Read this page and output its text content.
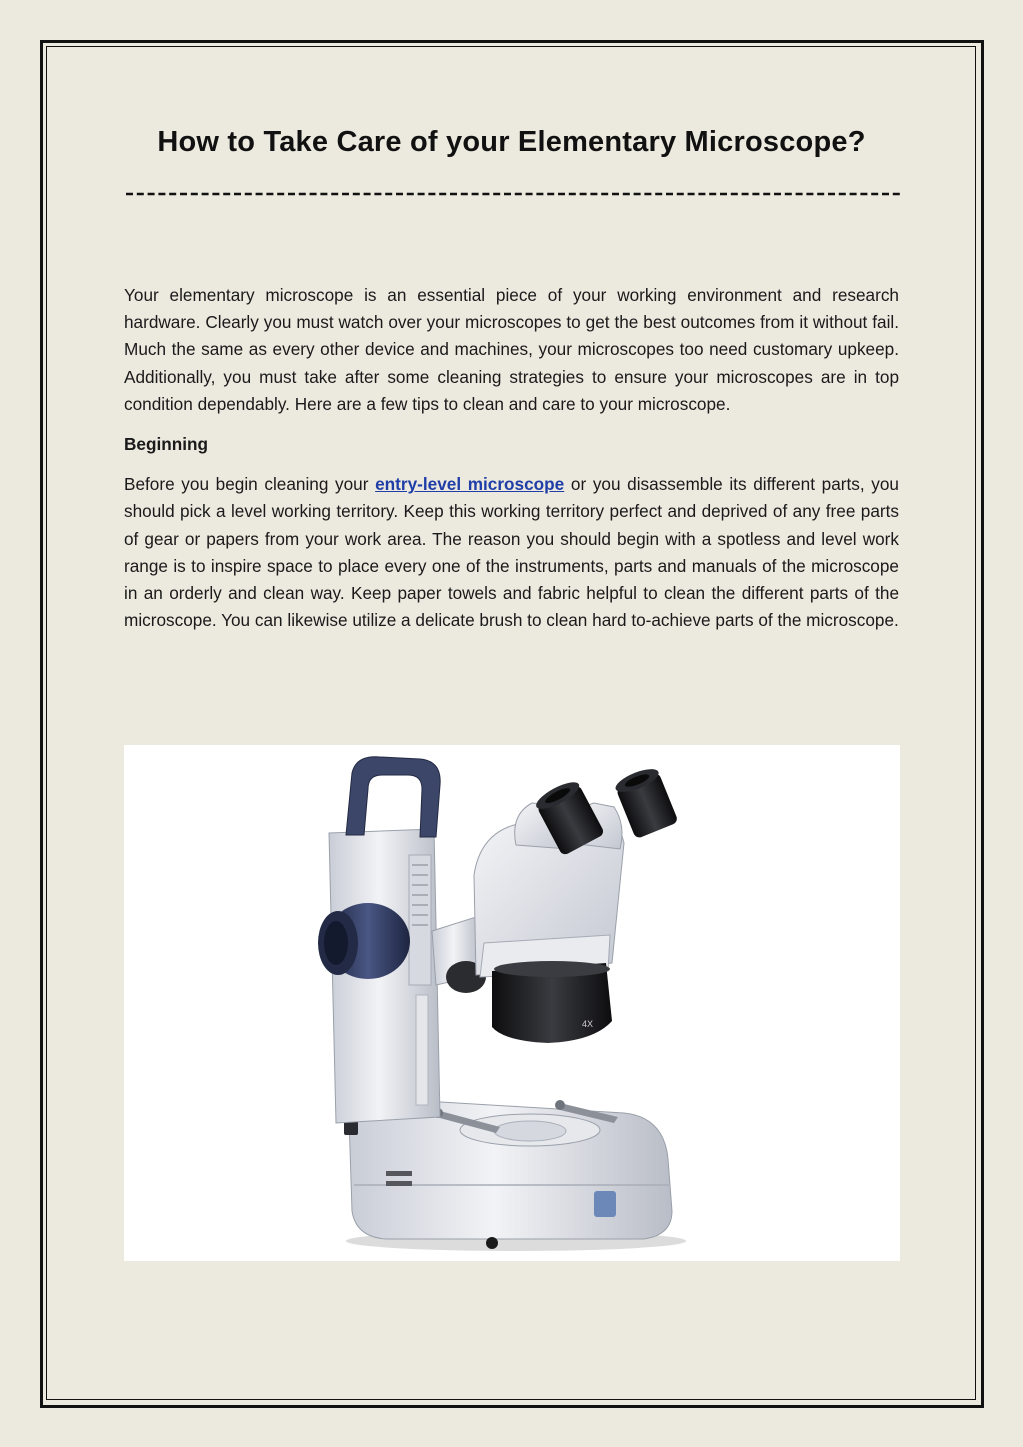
How to Take Care of your Elementary Microscope?

Your elementary microscope is an essential piece of your working environment and research hardware. Clearly you must watch over your microscopes to get the best outcomes from it without fail. Much the same as every other device and machines, your microscopes too need customary upkeep. Additionally, you must take after some cleaning strategies to ensure your microscopes are in top condition dependably. Here are a few tips to clean and care to your microscope.

Beginning

Before you begin cleaning your entry-level microscope or you disassemble its different parts, you should pick a level working territory. Keep this working territory perfect and deprived of any free parts of gear or papers from your work area. The reason you should begin with a spotless and level work range is to inspire space to place every one of the instruments, parts and manuals of the microscope in an orderly and clean way. Keep paper towels and fabric helpful to clean the different parts of the microscope. You can likewise utilize a delicate brush to clean hard to-achieve parts of the microscope.

4X
